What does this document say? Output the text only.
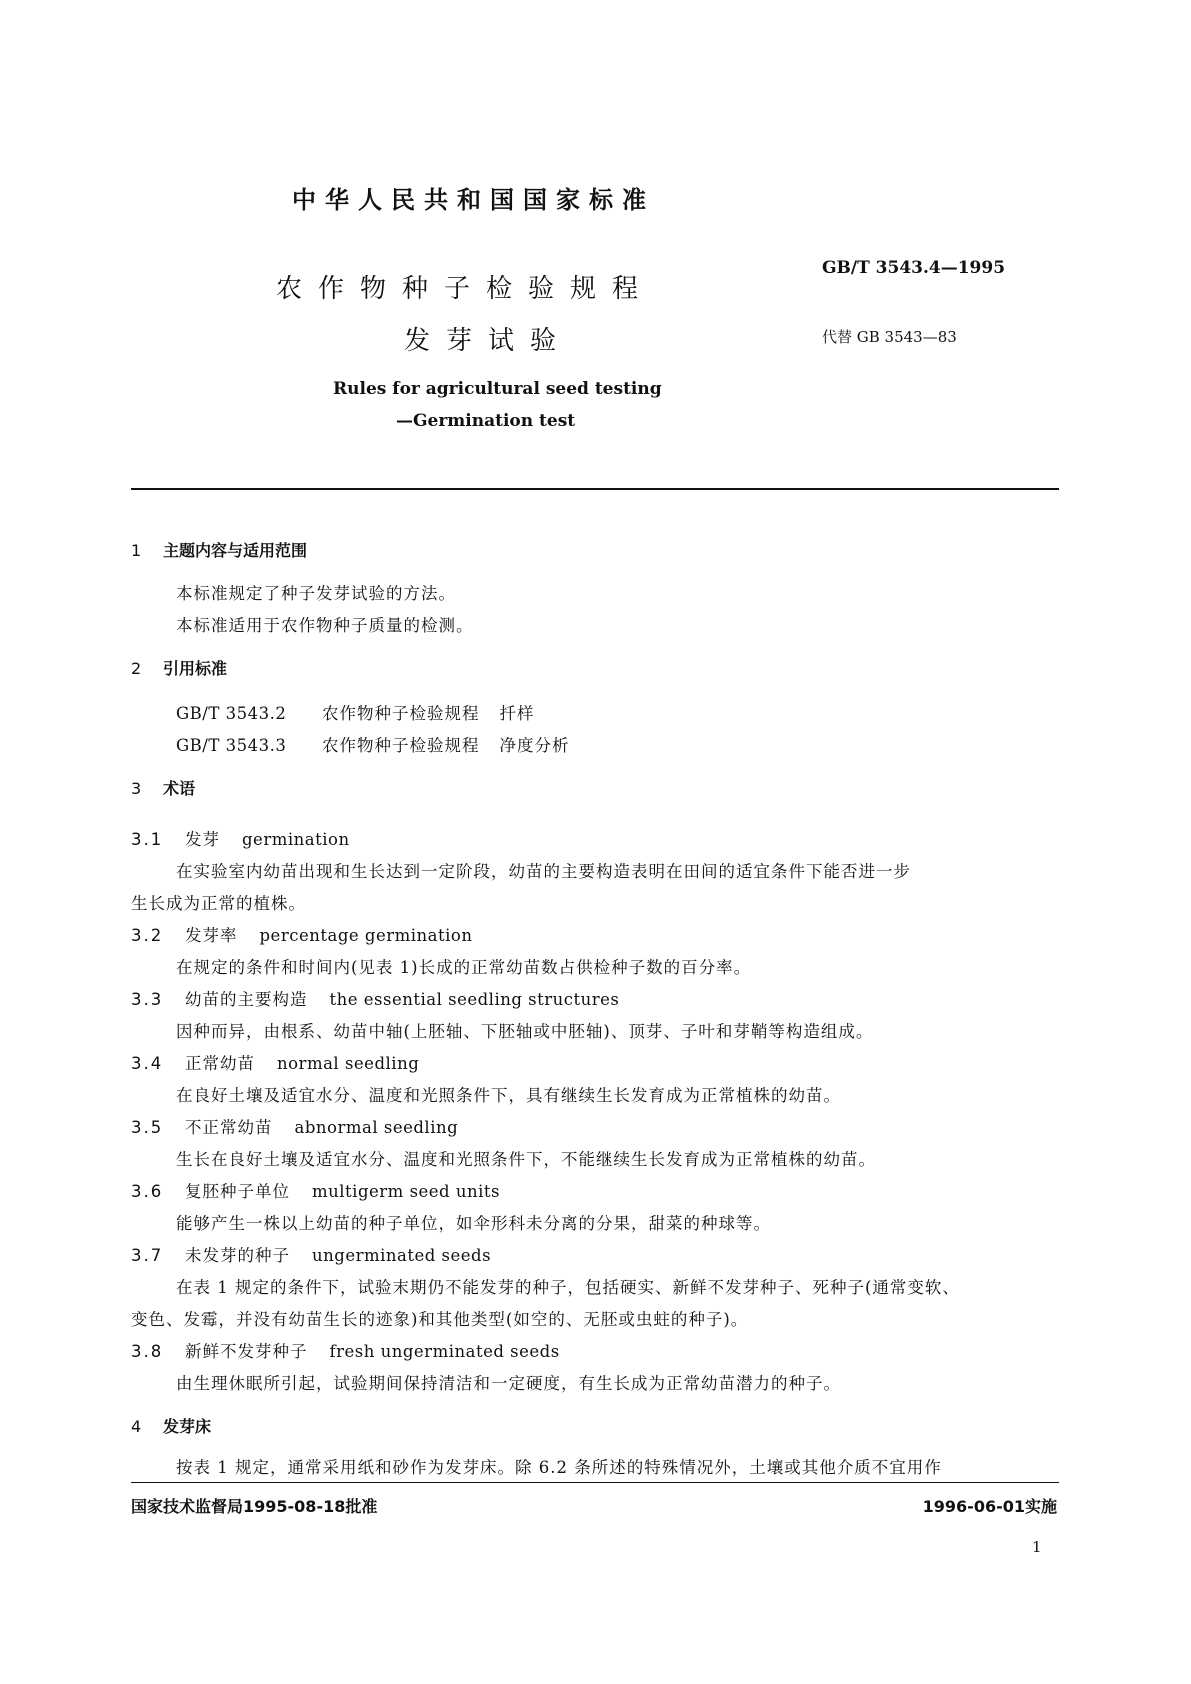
中华人民共和国国家标准
农作物种子检验规程
发芽试验
GB/T 3543.4—1995
代替 GB 3543—83
Rules for agricultural seed testing
—Germination test
1 主题内容与适用范围
本标准规定了种子发芽试验的方法。
本标准适用于农作物种子质量的检测。
2 引用标准
GB/T 3543.2 农作物种子检验规程 扦样
GB/T 3543.3 农作物种子检验规程 净度分析
3 术语
3.1 发芽 germination
在实验室内幼苗出现和生长达到一定阶段，幼苗的主要构造表明在田间的适宜条件下能否进一步
生长成为正常的植株。
3.2 发芽率 percentage germination
在规定的条件和时间内(见表 1)长成的正常幼苗数占供检种子数的百分率。
3.3 幼苗的主要构造 the essential seedling structures
因种而异，由根系、幼苗中轴(上胚轴、下胚轴或中胚轴)、顶芽、子叶和芽鞘等构造组成。
3.4 正常幼苗 normal seedling
在良好土壤及适宜水分、温度和光照条件下，具有继续生长发育成为正常植株的幼苗。
3.5 不正常幼苗 abnormal seedling
生长在良好土壤及适宜水分、温度和光照条件下，不能继续生长发育成为正常植株的幼苗。
3.6 复胚种子单位 multigerm seed units
能够产生一株以上幼苗的种子单位，如伞形科未分离的分果，甜菜的种球等。
3.7 未发芽的种子 ungerminated seeds
在表 1 规定的条件下，试验末期仍不能发芽的种子，包括硬实、新鲜不发芽种子、死种子(通常变软、
变色、发霉，并没有幼苗生长的迹象)和其他类型(如空的、无胚或虫蛀的种子)。
3.8 新鲜不发芽种子 fresh ungerminated seeds
由生理休眠所引起，试验期间保持清洁和一定硬度，有生长成为正常幼苗潜力的种子。
4 发芽床
按表 1 规定，通常采用纸和砂作为发芽床。除 6.2 条所述的特殊情况外，土壤或其他介质不宜用作
国家技术监督局1995-08-18批准	1996-06-01实施
1
